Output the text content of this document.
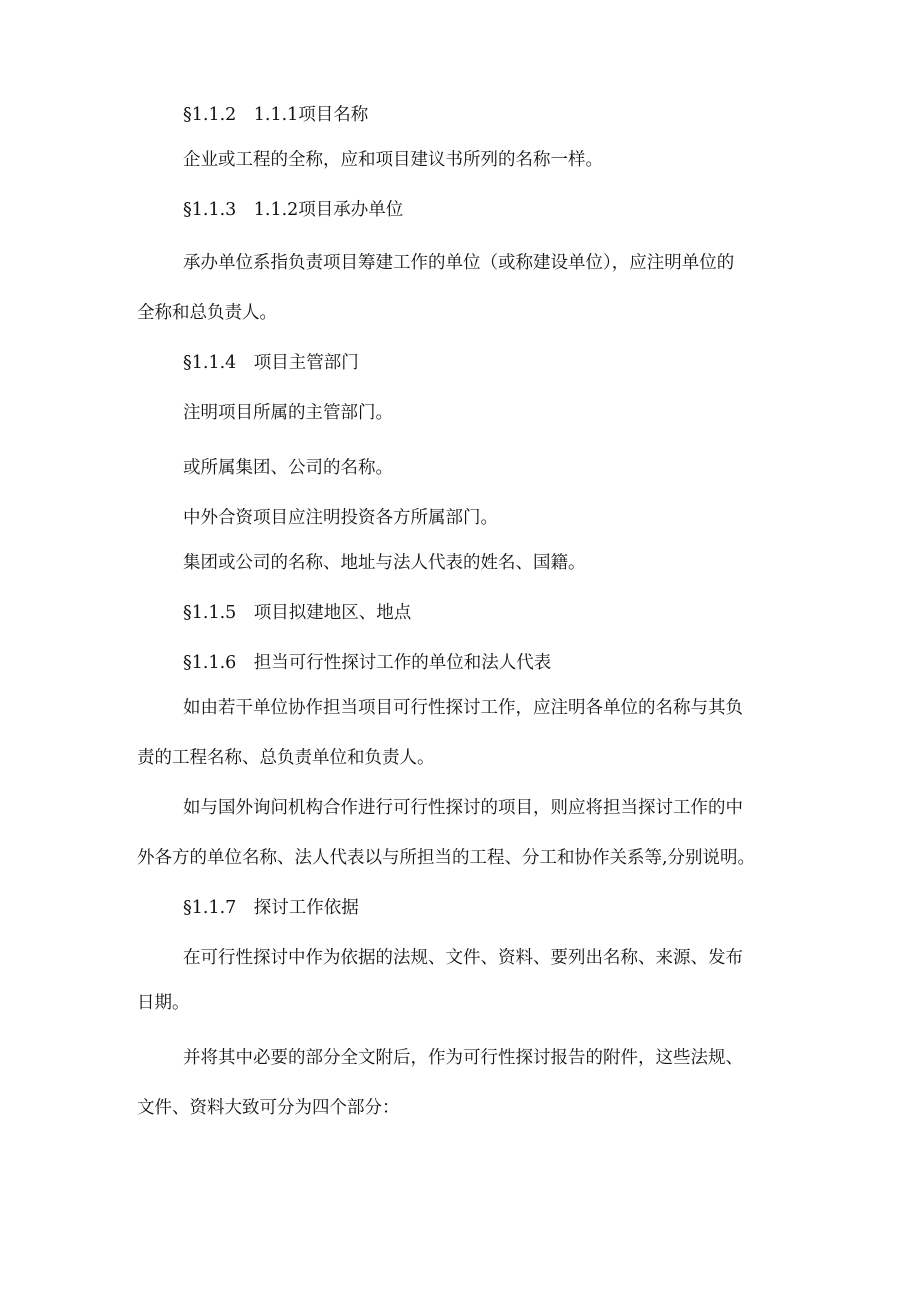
§1.1.2　1.1.1项目名称
企业或工程的全称，应和项目建议书所列的名称一样。
§1.1.3　1.1.2项目承办单位
承办单位系指负责项目筹建工作的单位（或称建设单位），应注明单位的
全称和总负责人。
§1.1.4　项目主管部门
注明项目所属的主管部门。
或所属集团、公司的名称。
中外合资项目应注明投资各方所属部门。
集团或公司的名称、地址与法人代表的姓名、国籍。
§1.1.5　项目拟建地区、地点
§1.1.6　担当可行性探讨工作的单位和法人代表
如由若干单位协作担当项目可行性探讨工作，应注明各单位的名称与其负
责的工程名称、总负责单位和负责人。
如与国外询问机构合作进行可行性探讨的项目，则应将担当探讨工作的中
外各方的单位名称、法人代表以与所担当的工程、分工和协作关系等,分别说明。
§1.1.7　探讨工作依据
在可行性探讨中作为依据的法规、文件、资料、要列出名称、来源、发布
日期。
并将其中必要的部分全文附后，作为可行性探讨报告的附件，这些法规、
文件、资料大致可分为四个部分：
